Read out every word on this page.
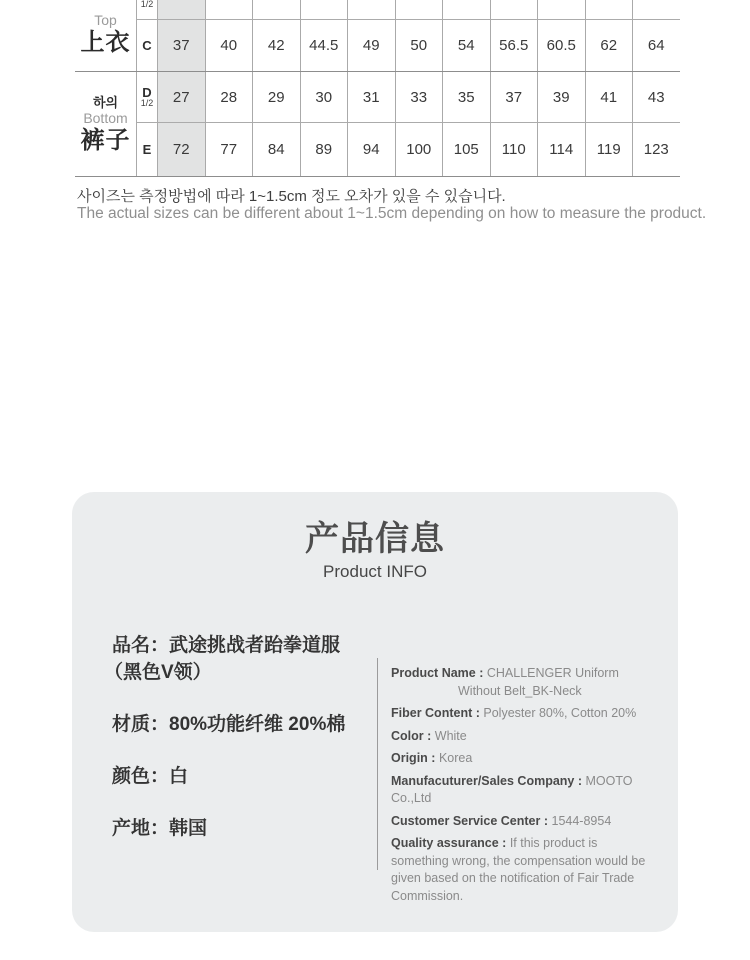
Top
上衣	1/2											

	C	37	40	42	44.5	49	50	54	56.5	60.5	62	64

하의
Bottom
裤子

D
1/2	27	28	29	30	31	33	35	37	39	41	43
	E	72	77	84	89	94	100	105	110	114	119	123
사이즈는 측정방법에 따라 1~1.5cm 정도 오차가 있을 수 있습니다.
The actual sizes can be different about 1~1.5cm depending on how to measure the product.
产品信息
Product INFO
品名：武途挑战者跆拳道服
（黑色V领）
材质：80%功能纤维 20%棉
颜色：白
产地：韩国
Product Name : CHALLENGER Uniform
Without Belt_BK-Neck
Fiber Content : Polyester 80%, Cotton 20%
Color : White
Origin : Korea
Manufacuturer/Sales Company : MOOTO Co.,Ltd
Customer Service Center : 1544-8954
Quality assurance : If this product is something wrong, the compensation would be given based on the notification of Fair Trade Commission.
